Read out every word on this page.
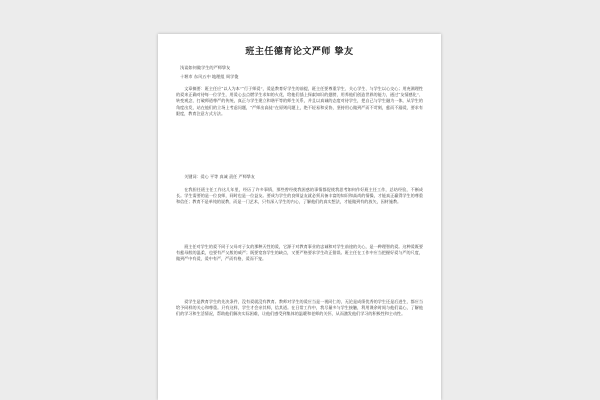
班主任德育论文严师 挚友
浅谈如何做学生的严师挚友
十堰市 东风五中 地理组 周学俊

文章摘要：班主任应“以人为本”“行于师爱”，爱是教育好学生的前提，班主任要尊重学生、关心学生、与学生以心交心；用充满理性的爱来正确对待每一位学生，用爱心去点燃学生求知的火花，给他们插上探索知识的翅膀，用养他们创造世界的能力，通过“友情感化”、转变观念、打破师道尊严的传统，真正与学生建立和谐平等的师生关系，并且以真诚的态度对待学生，把自己与学生融为一体，从学生的角度出发，站在他们的立场上考虑问题，“严师出高徒”在原则问题上，绝不轻易和妥协，坚持用心做到严而不苛刻，慈而不溺爱，要求有限度，教育注意方式方法。

关键词：爱心 平等 真诚 责任 严师挚友

在我担任班主任工作这几年里，经历了许多事情，那些曾经使我困惑的事情都促使我思考如何作好班主任工作，总结经验，不断成长。学生需要的是一位良师，同时也是一位益友。要成为学生的良师益友就必须具备丰富的知识和高尚的情操，才能真正赢得学生的尊重和信任；教育不是单纯的说教，而是一门艺术，只有深入学生的内心，了解他们的真实想法，才能做到有的放矢，因材施教。

班主任对学生的爱不同于父母对子女的那种天性的爱，它源于对教育事业的忠诚和对学生前途的关心，是一种理智的爱。这种爱既要有慈母般的温柔，也要有严父般的威严；既要宽容学生的缺点，又要严格要求学生改正错误。班主任在工作中应当把握好爱与严的尺度，做到严中有爱，爱中有严，严而有格，爱而不宠。

爱学生是教育学生的先决条件，没有爱就没有教育。教师对学生的爱应当是一视同仁的，无论是成绩优秀的学生还是后进生，都应当给予同样的关心和尊重。只有这样，学生才会亲其师，信其道。在日常工作中，我尽量多与学生接触，利用课余时间与他们谈心，了解他们的学习和生活情况，帮助他们解决实际困难，让他们感受到集体的温暖和老师的关怀，从而激发他们学习的积极性和主动性。
